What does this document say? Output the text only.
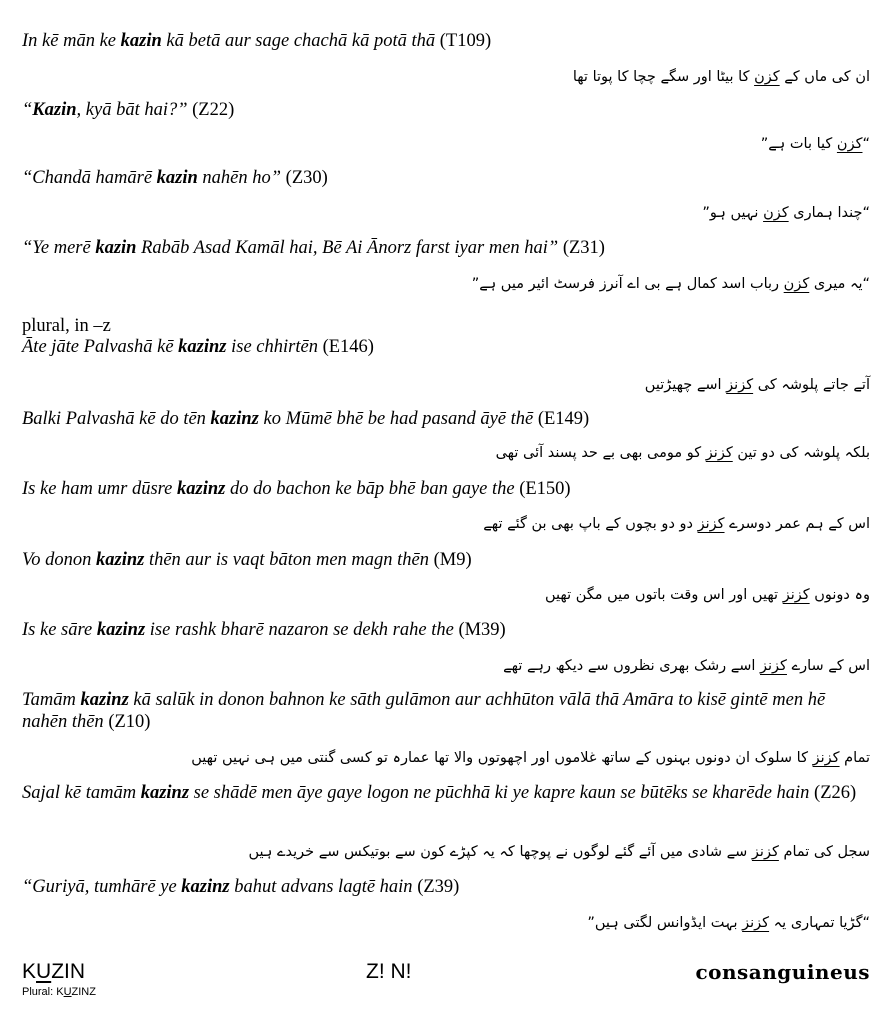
In kē mān ke kazin kā betā aur sage chachā kā potā thā (T109)
ان کی ماں کے کزن کا بیٹا اور سگے چچا کا پوتا تھا
“Kazin, kyā bāt hai?” (Z22)
“کزن کیا بات ہے”
“Chandā hamārē kazin nahēn ho” (Z30)
“چندا ہماری کزن نہیں ہو”
“Ye merē kazin Rabāb Asad Kamāl hai, Bē Ai Ānorz farst iyar men hai” (Z31)
“یہ میری کزن رباب اسد کمال ہے بی اے آنرز فرسٹ ائیر میں ہے”
plural, in –z
Āte jāte Palvashā kē kazinz ise chhirtēn (E146)
آتے جاتے پلوشہ کی کزنز اسے چھیڑتیں
Balki Palvashā kē do tēn kazinz ko Mūmē bhē be had pasand āyē thē (E149)
بلکہ پلوشہ کی دو تین کزنز کو مومی بھی بے حد پسند آئی تھی
Is ke ham umr dūsre kazinz do do bachon ke bāp bhē ban gaye the (E150)
اس کے ہم عمر دوسرے کزنز دو دو بچوں کے باپ بھی بن گئے تھے
Vo donon kazinz thēn aur is vaqt bāton men magn thēn (M9)
وہ دونوں کزنز تھیں اور اس وقت باتوں میں مگن تھیں
Is ke sāre kazinz ise rashk bharē nazaron se dekh rahe the (M39)
اس کے سارے کزنز اسے رشک بھری نظروں سے دیکھ رہے تھے
Tamām kazinz kā salūk in donon bahnon ke sāth gulāmon aur achhūton vālā thā Amāra to kisē gintē men hē nahēn thēn (Z10)
تمام کزنز کا سلوک ان دونوں بہنوں کے ساتھ غلاموں اور اچھوتوں والا تھا عمارہ تو کسی گنتی میں ہی نہیں تھیں
Sajal kē tamām kazinz se shādē men āye gaye logon ne pūchhā ki ye kapre kaun se būtēks se kharēde hain (Z26)
سجل کی تمام کزنز سے شادی میں آئے گئے لوگوں نے پوچھا کہ یہ کپڑے کون سے بوتیکس سے خریدے ہیں
“Guriyā, tumhārē ye kazinz bahut advans lagtē hain (Z39)
“گڑیا تمہاری یہ کزنز بہت ایڈوانس لگتی ہیں”
KUZIN
Plural: KUZINZ
Z! N!	consanguineus
